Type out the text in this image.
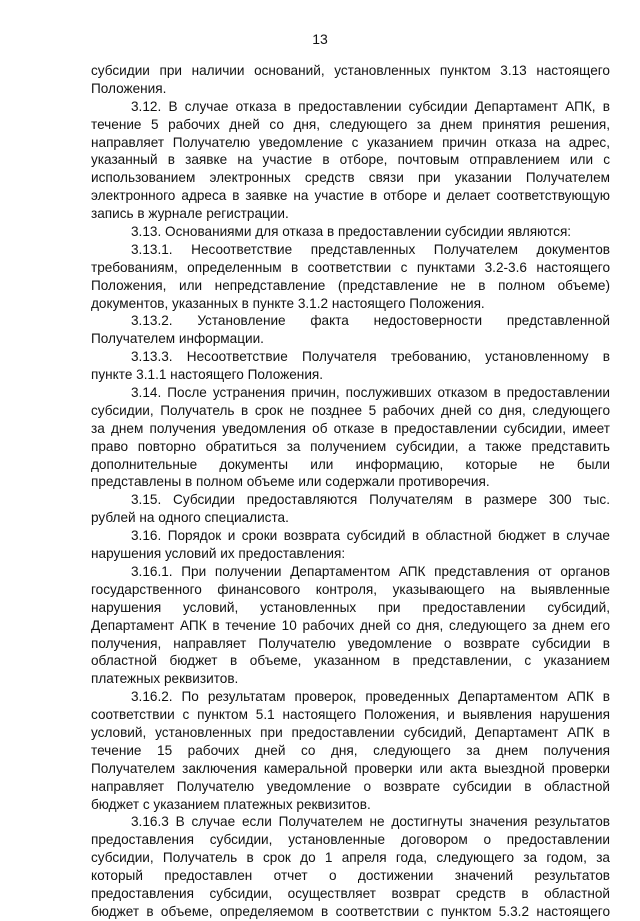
13
субсидии при наличии оснований, установленных пунктом 3.13 настоящего
Положения.
3.12. В случае отказа в предоставлении субсидии Департамент АПК, в
течение 5 рабочих дней со дня, следующего за днем принятия решения,
направляет Получателю уведомление с указанием причин отказа на адрес,
указанный в заявке на участие в отборе, почтовым отправлением или с
использованием электронных средств связи при указании Получателем
электронного адреса в заявке на участие в отборе и делает соответствующую
запись в журнале регистрации.
3.13. Основаниями для отказа в предоставлении субсидии являются:
3.13.1. Несоответствие представленных Получателем документов
требованиям, определенным в соответствии с пунктами 3.2-3.6 настоящего
Положения, или непредставление (представление не в полном объеме)
документов, указанных в пункте 3.1.2 настоящего Положения.
3.13.2. Установление факта недостоверности представленной
Получателем информации.
3.13.3. Несоответствие Получателя требованию, установленному в
пункте 3.1.1 настоящего Положения.
3.14. После устранения причин, послуживших отказом в предоставлении
субсидии, Получатель в срок не позднее 5 рабочих дней со дня, следующего
за днем получения уведомления об отказе в предоставлении субсидии, имеет
право повторно обратиться за получением субсидии, а также представить
дополнительные документы или информацию, которые не были
представлены в полном объеме или содержали противоречия.
3.15. Субсидии предоставляются Получателям в размере 300 тыс.
рублей на одного специалиста.
3.16. Порядок и сроки возврата субсидий в областной бюджет в случае
нарушения условий их предоставления:
3.16.1. При получении Департаментом АПК представления от органов
государственного финансового контроля, указывающего на выявленные
нарушения условий, установленных при предоставлении субсидий,
Департамент АПК в течение 10 рабочих дней со дня, следующего за днем его
получения, направляет Получателю уведомление о возврате субсидии в
областной бюджет в объеме, указанном в представлении, с указанием
платежных реквизитов.
3.16.2. По результатам проверок, проведенных Департаментом АПК в
соответствии с пунктом 5.1 настоящего Положения, и выявления нарушения
условий, установленных при предоставлении субсидий, Департамент АПК в
течение 15 рабочих дней со дня, следующего за днем получения
Получателем заключения камеральной проверки или акта выездной проверки
направляет Получателю уведомление о возврате субсидии в областной
бюджет с указанием платежных реквизитов.
3.16.3 В случае если Получателем не достигнуты значения результатов
предоставления субсидии, установленные договором о предоставлении
субсидии, Получатель в срок до 1 апреля года, следующего за годом, за
который предоставлен отчет о достижении значений результатов
предоставления субсидии, осуществляет возврат средств в областной
бюджет в объеме, определяемом в соответствии с пунктом 5.3.2 настоящего
